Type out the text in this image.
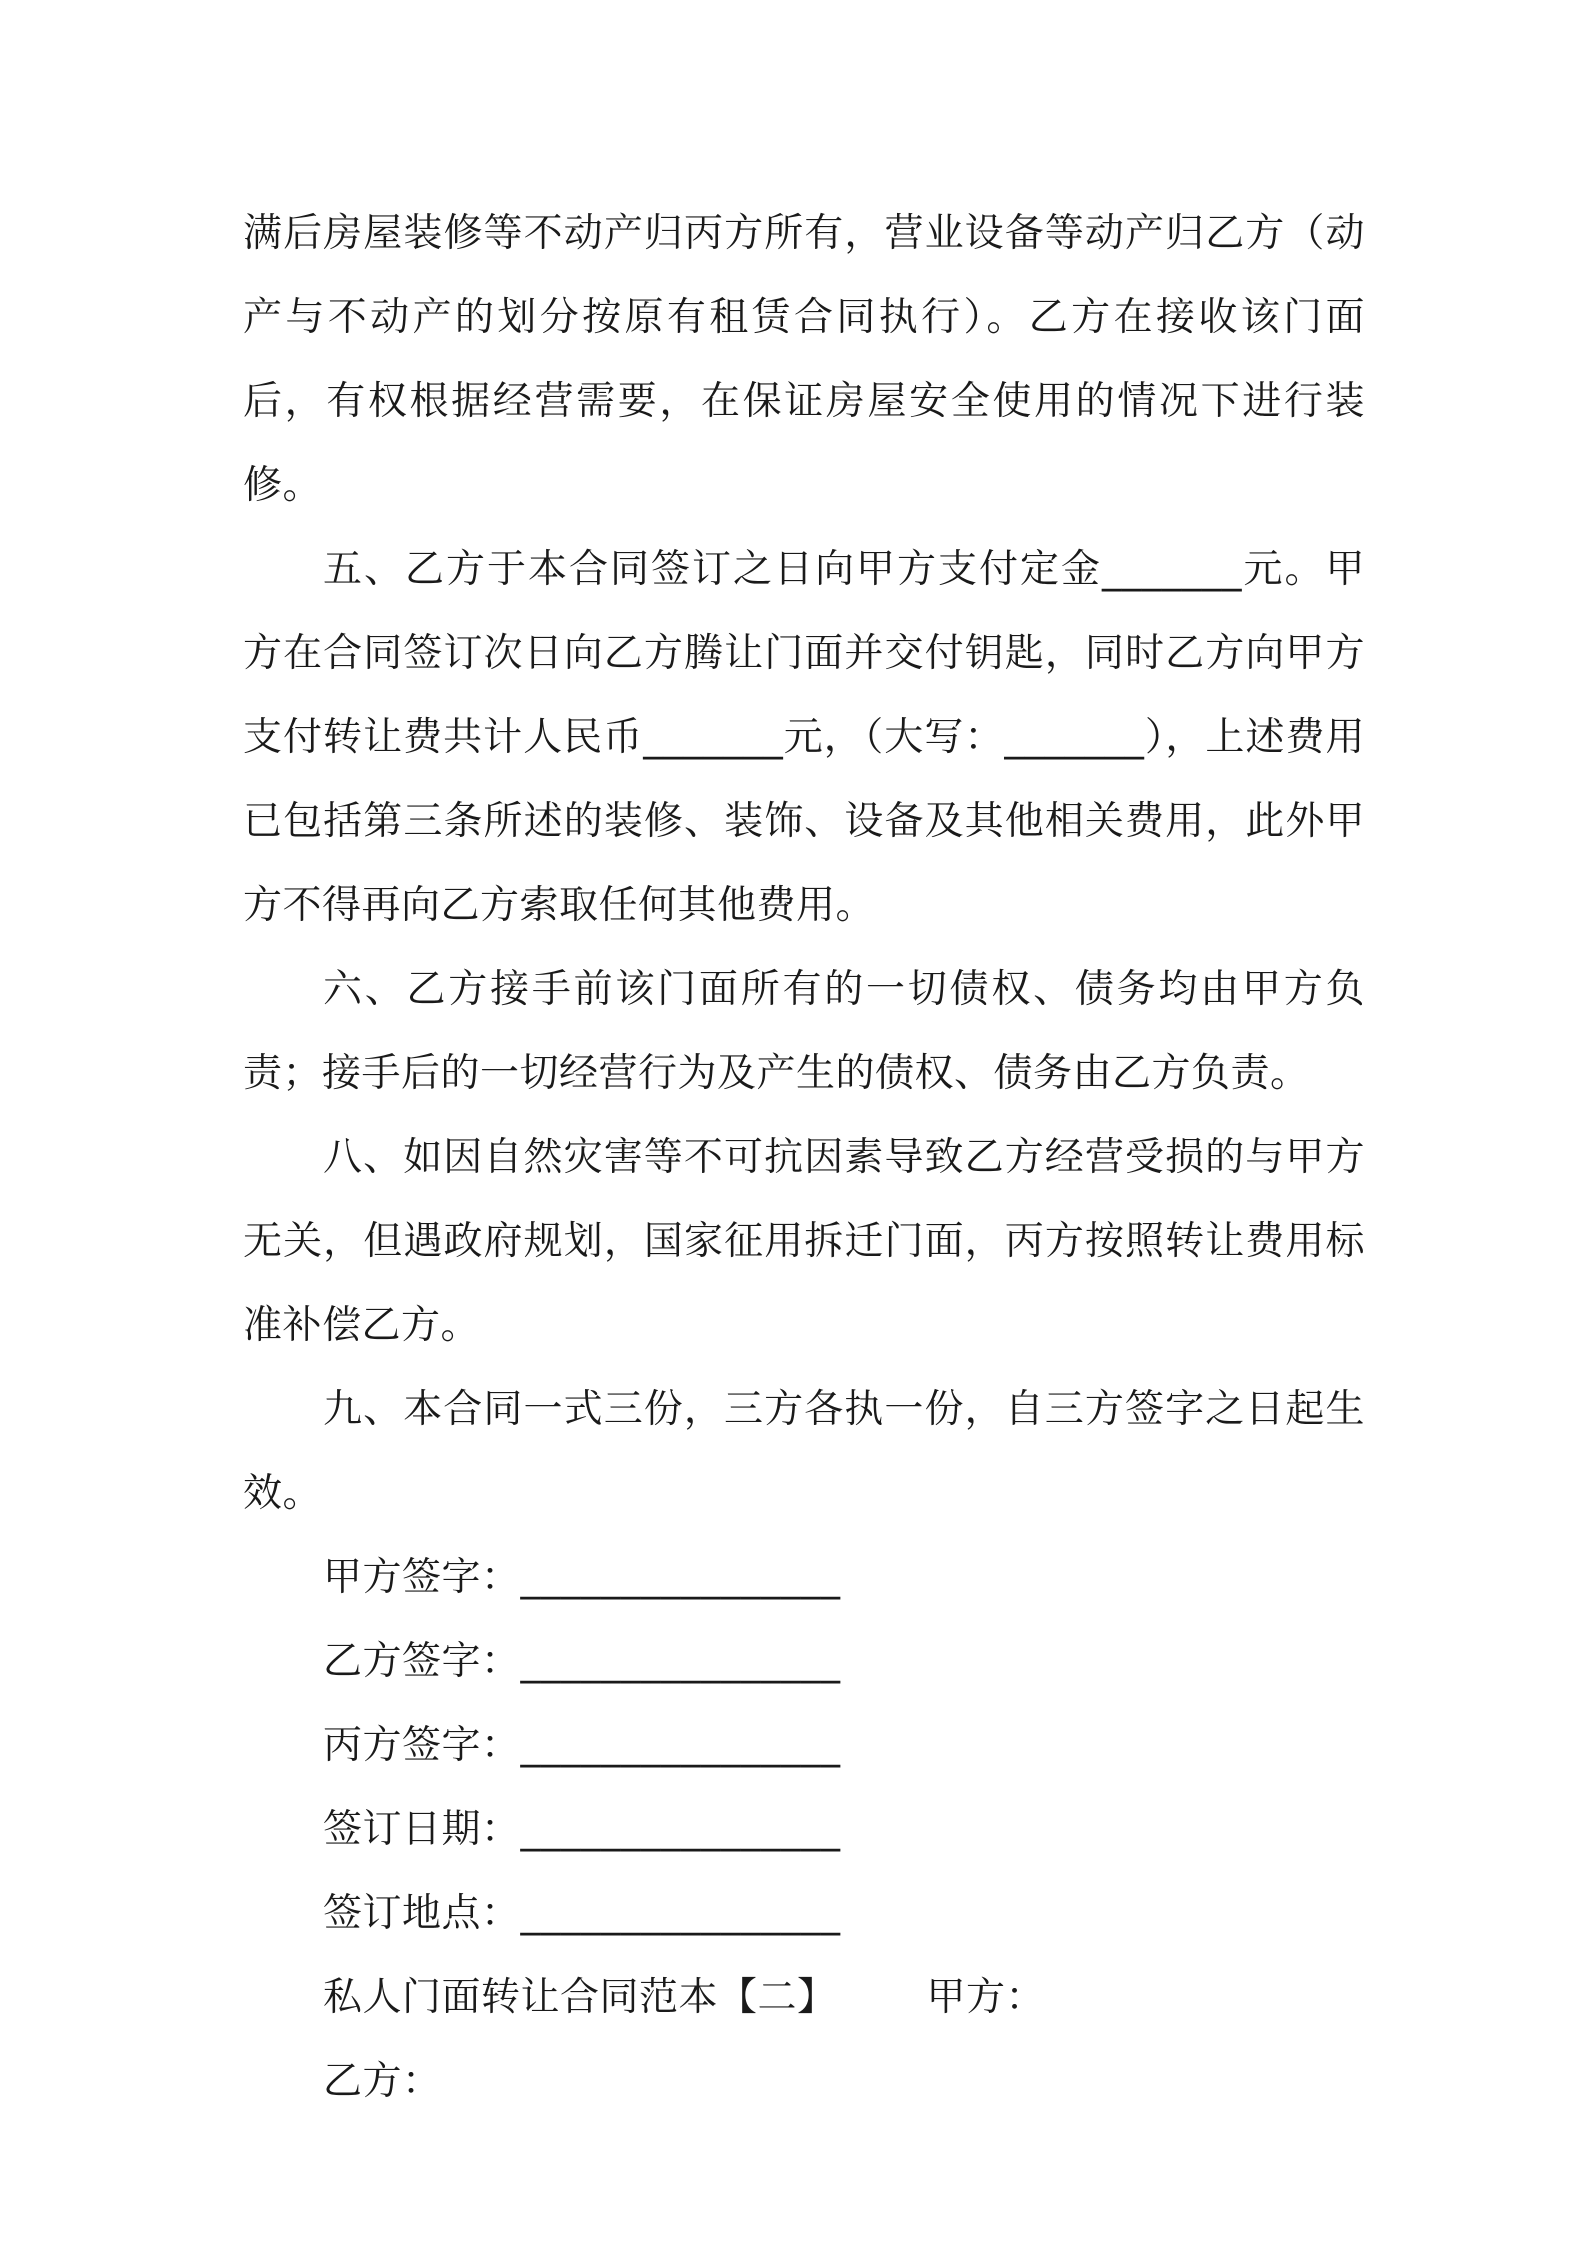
满后房屋装修等不动产归丙方所有，营业设备等动产归乙方（动产与不动产的划分按原有租赁合同执行）。乙方在接收该门面后，有权根据经营需要，在保证房屋安全使用的情况下进行装修。

五、乙方于本合同签订之日向甲方支付定金_______元。甲方在合同签订次日向乙方腾让门面并交付钥匙，同时乙方向甲方支付转让费共计人民币_______元，（大写：_______），上述费用已包括第三条所述的装修、装饰、设备及其他相关费用，此外甲方不得再向乙方索取任何其他费用。

六、乙方接手前该门面所有的一切债权、债务均由甲方负责；接手后的一切经营行为及产生的债权、债务由乙方负责。

八、如因自然灾害等不可抗因素导致乙方经营受损的与甲方无关，但遇政府规划，国家征用拆迁门面，丙方按照转让费用标准补偿乙方。

九、本合同一式三份，三方各执一份，自三方签字之日起生效。

甲方签字：________________

乙方签字：________________

丙方签字：________________

签订日期：________________

签订地点：________________

私人门面转让合同范本【二】 甲方：

乙方：
